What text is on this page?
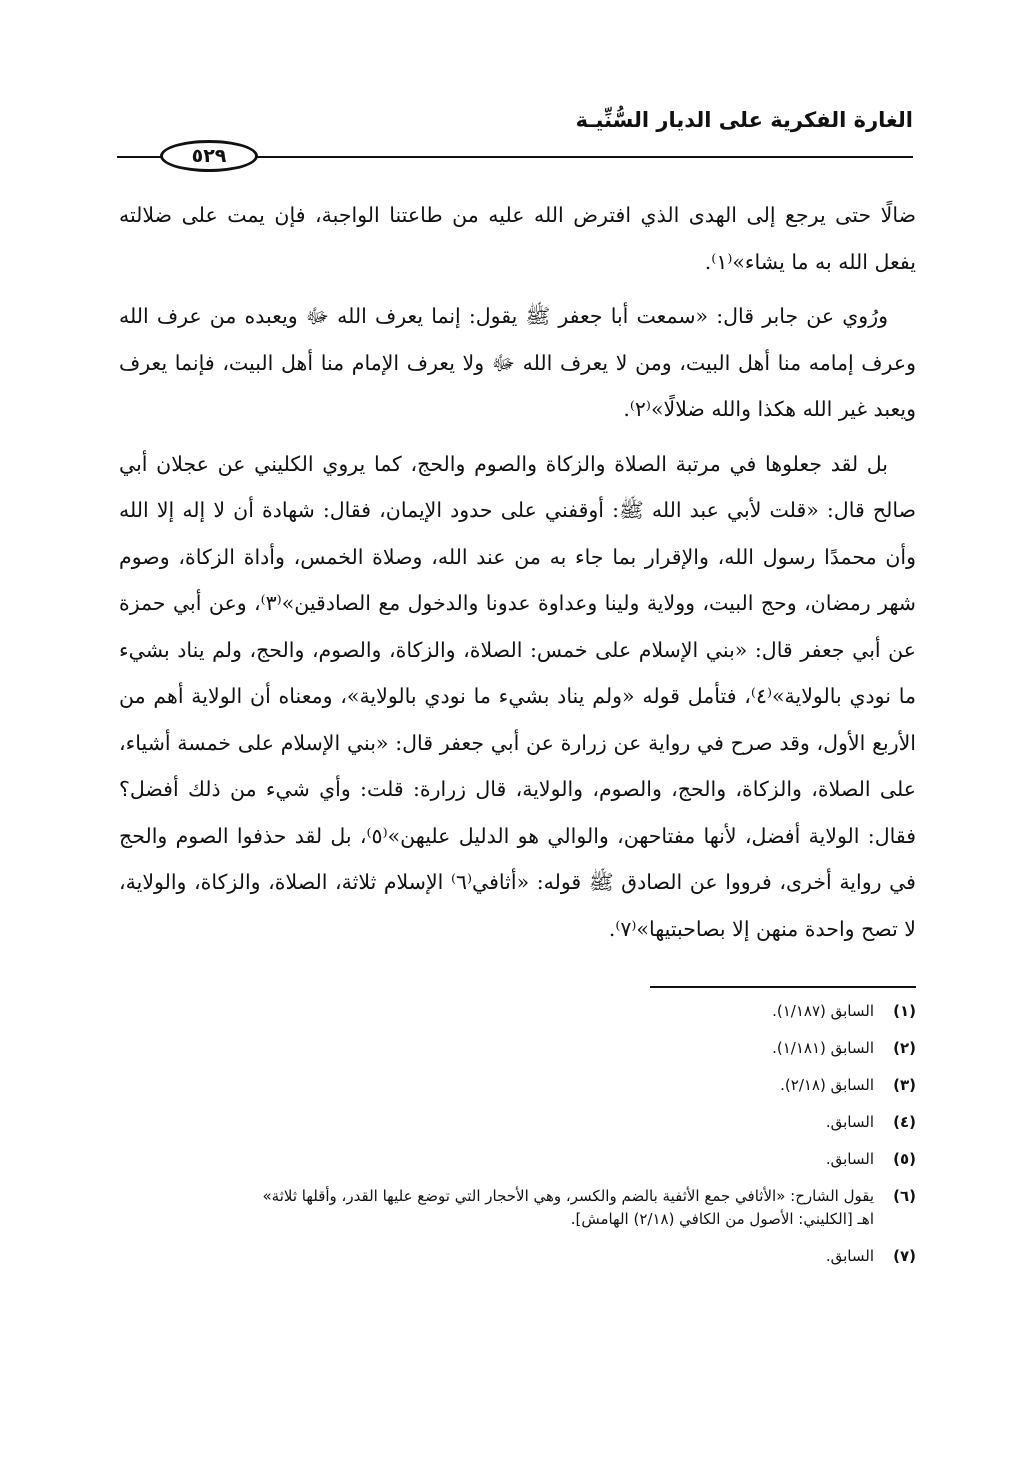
الغارة الفكرية على الديار السُّنِّيـة
٥٢٩

ضالًا حتى يرجع إلى الهدى الذي افترض الله عليه من طاعتنا الواجبة، فإن يمت على ضلالته يفعل الله به ما يشاء»⁽١⁾.

ورُوي عن جابر قال: «سمعت أبا جعفر ﷺ يقول: إنما يعرف الله ﷻ ويعبده من عرف الله وعرف إمامه منا أهل البيت، ومن لا يعرف الله ﷻ ولا يعرف الإمام منا أهل البيت، فإنما يعرف ويعبد غير الله هكذا والله ضلالًا»⁽٢⁾.

بل لقد جعلوها في مرتبة الصلاة والزكاة والصوم والحج، كما يروي الكليني عن عجلان أبي صالح قال: «قلت لأبي عبد الله ﷺ: أوقفني على حدود الإيمان، فقال: شهادة أن لا إله إلا الله وأن محمدًا رسول الله، والإقرار بما جاء به من عند الله، وصلاة الخمس، وأداة الزكاة، وصوم شهر رمضان، وحج البيت، وولاية ولينا وعداوة عدونا والدخول مع الصادقين»⁽٣⁾، وعن أبي حمزة عن أبي جعفر قال: «بني الإسلام على خمس: الصلاة، والزكاة، والصوم، والحج، ولم يناد بشيء ما نودي بالولاية»⁽٤⁾، فتأمل قوله «ولم يناد بشيء ما نودي بالولاية»، ومعناه أن الولاية أهم من الأربع الأول، وقد صرح في رواية عن زرارة عن أبي جعفر قال: «بني الإسلام على خمسة أشياء، على الصلاة، والزكاة، والحج، والصوم، والولاية، قال زرارة: قلت: وأي شيء من ذلك أفضل؟ فقال: الولاية أفضل، لأنها مفتاحهن، والوالي هو الدليل عليهن»⁽٥⁾، بل لقد حذفوا الصوم والحج في رواية أخرى، فرووا عن الصادق ﷺ قوله: «أثافي⁽٦⁾ الإسلام ثلاثة، الصلاة، والزكاة، والولاية، لا تصح واحدة منهن إلا بصاحبتيها»⁽٧⁾.

(١)
السابق (١/١٨٧).
(٢)
السابق (١/١٨١).
(٣)
السابق (٢/١٨).
(٤)
السابق.
(٥)
السابق.
(٦)
يقول الشارح: «الأثافي جمع الأثفية بالضم والكسر، وهي الأحجار التي توضع عليها القدر، وأقلها ثلاثة»
اهـ [الكليني: الأصول من الكافي (٢/١٨) الهامش].
(٧)
السابق.
